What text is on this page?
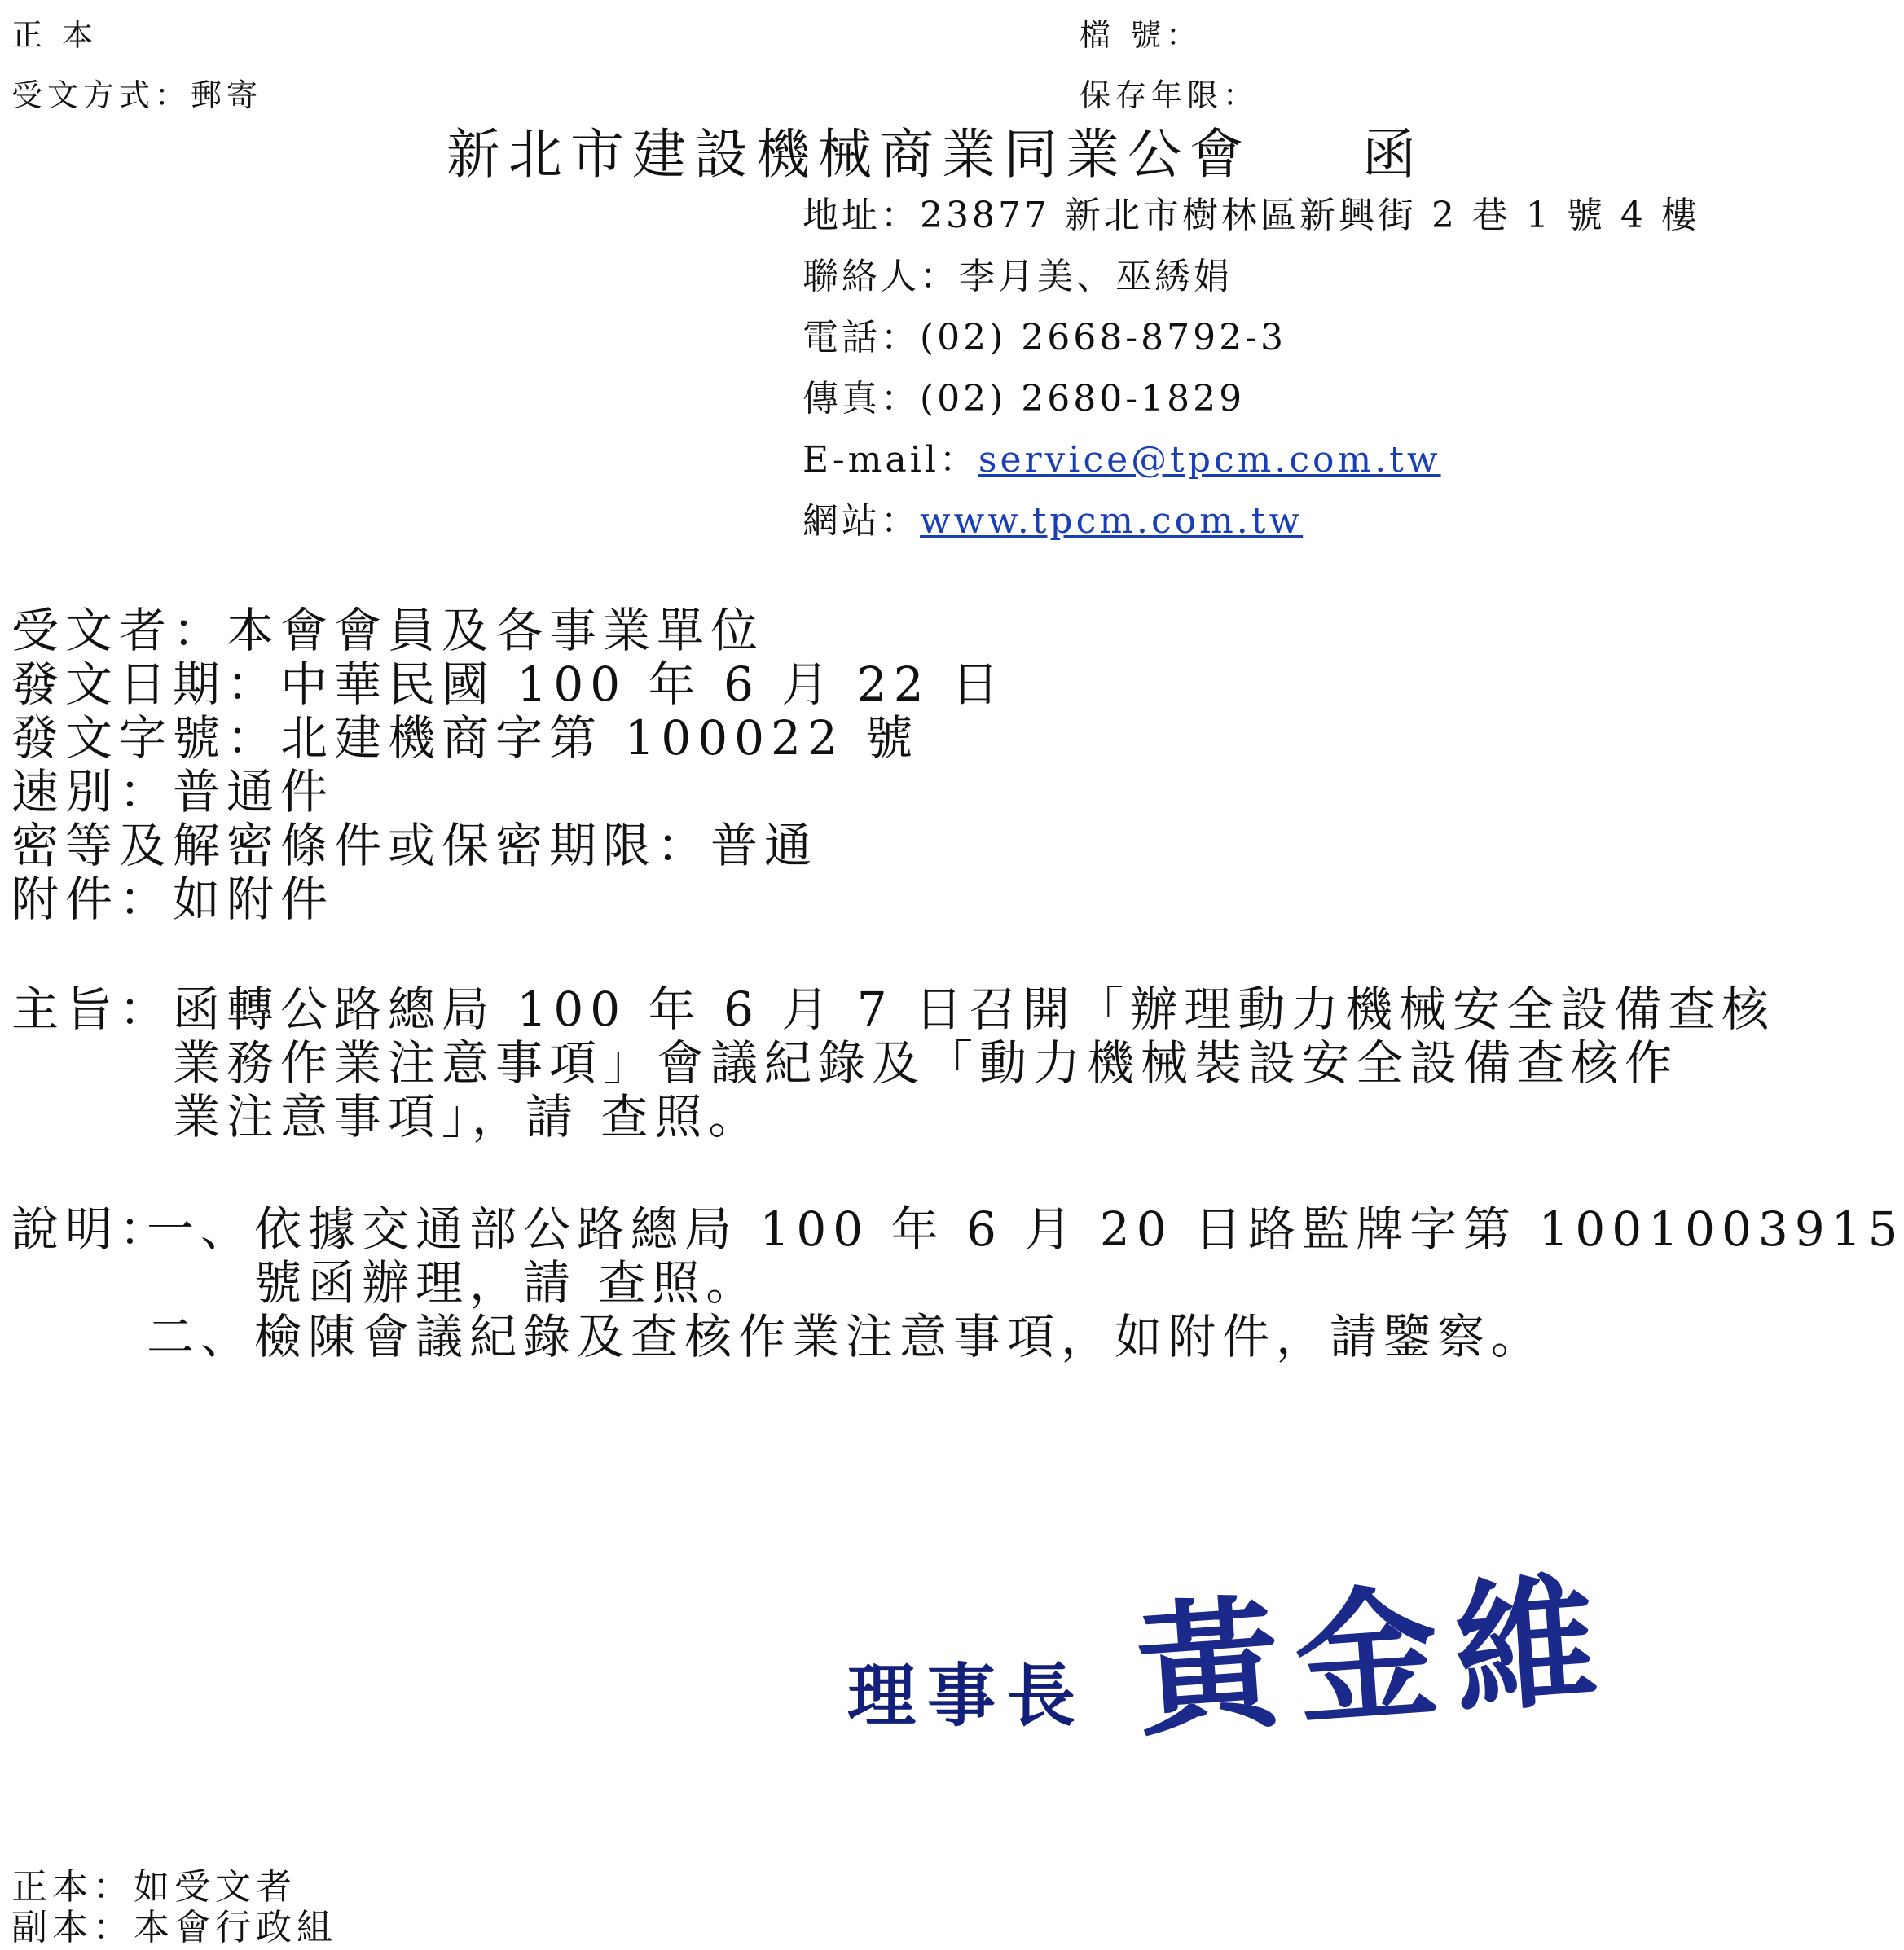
正 本
受文方式：郵寄
檔 號：
保存年限：
新北市建設機械商業同業公會 函
地址：23877 新北市樹林區新興街 2 巷 1 號 4 樓
聯絡人：李月美、巫綉娟
電話：(02) 2668-8792-3
傳真：(02) 2680-1829
E-mail：service@tpcm.com.tw
網站：www.tpcm.com.tw
受文者：本會會員及各事業單位
發文日期：中華民國 100 年 6 月 22 日
發文字號：北建機商字第 100022 號
速別：普通件
密等及解密條件或保密期限：普通
附件：如附件
主旨： 函轉公路總局 100 年 6 月 7 日召開「辦理動力機械安全設備查核
業務作業注意事項」會議紀錄及「動力機械裝設安全設備查核作
業注意事項」，請 查照。
說明：
一、 依據交通部公路總局 100 年 6 月 20 日路監牌字第 1001003915
號函辦理，請 查照。
二、 檢陳會議紀錄及查核作業注意事項，如附件，請鑒察。
理事長 黃金維
正本：如受文者
副本：本會行政組
